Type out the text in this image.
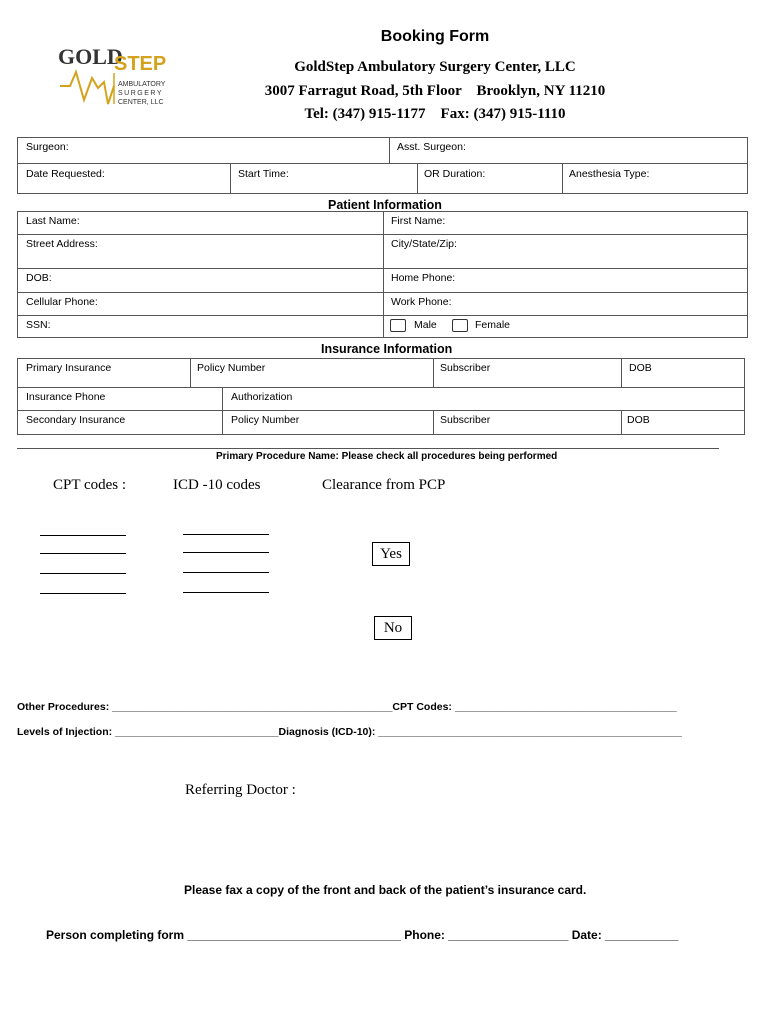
Booking Form
GOLD
STEP
AMBULATORY
SURGERY
CENTER, LLC
GoldStep Ambulatory Surgery Center, LLC
3007 Farragut Road, 5th Floor    Brooklyn, NY 11210
Tel: (347) 915-1177    Fax: (347) 915-1110
Surgeon:	Asst. Surgeon:
Date Requested:	Start Time:	OR Duration:	Anesthesia Type:
Patient Information
Last Name:	First Name:
Street Address:	City/State/Zip:
DOB:	Home Phone:
Cellular Phone:	Work Phone:
SSN:	Male	Female
Insurance Information
Primary Insurance	Policy Number	Subscriber	DOB
Insurance Phone	Authorization
Secondary Insurance	Policy Number	Subscriber	DOB
Primary Procedure Name: Please check all procedures being performed
CPT codes :	ICD -10 codes	Clearance from PCP
Yes
No
Other Procedures: ________________________________________________CPT Codes: ______________________________________
Levels of Injection: ____________________________Diagnosis (ICD-10): ____________________________________________________
Referring Doctor :
Please fax a copy of the front and back of the patient’s insurance card.
Person completing form ________________________________ Phone: __________________ Date: ___________
